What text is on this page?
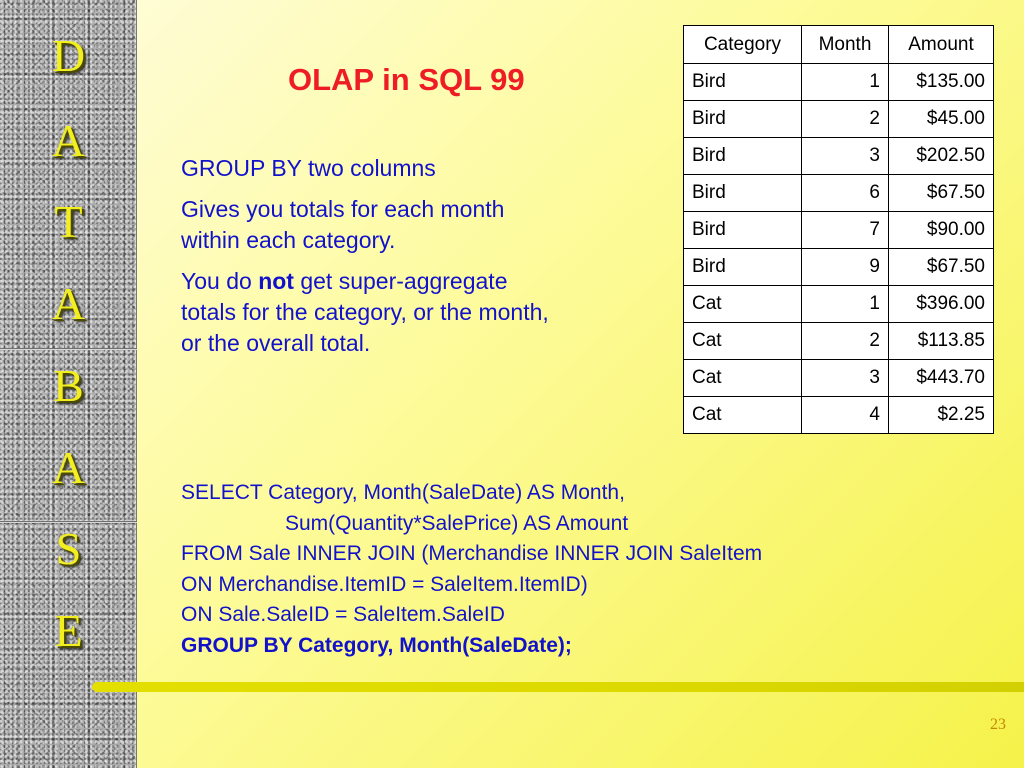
D
A
T
A
B
A
S
E
OLAP in SQL 99

GROUP BY two columns

Gives you totals for each month within each category.

You do not get super-aggregate totals for the category, or the month, or the overall total.

Category	Month	Amount
Bird	1	$135.00
Bird	2	$45.00
Bird	3	$202.50
Bird	6	$67.50
Bird	7	$90.00
Bird	9	$67.50
Cat	1	$396.00
Cat	2	$113.85
Cat	3	$443.70
Cat	4	$2.25
SELECT Category, Month(SaleDate) AS Month,
Sum(Quantity*SalePrice) AS Amount
FROM Sale INNER JOIN (Merchandise INNER JOIN SaleItem
ON Merchandise.ItemID = SaleItem.ItemID)
ON Sale.SaleID = SaleItem.SaleID
GROUP BY Category, Month(SaleDate);
23
